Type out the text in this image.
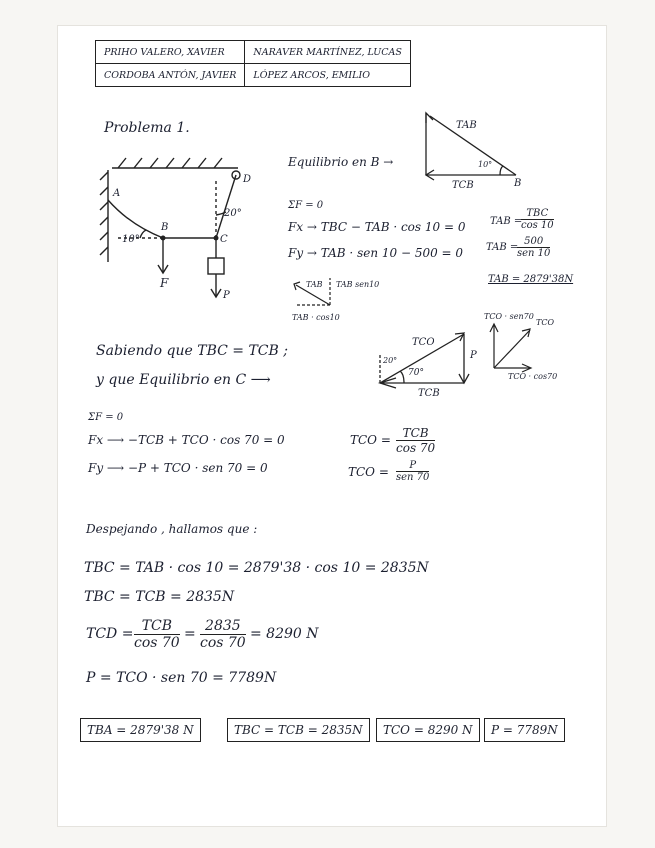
PRIHO VALERO, XAVIER	NARAVER MARTÍNEZ, LUCAS
CORDOBA ANTÓN, JAVIER	LÓPEZ ARCOS, EMILIO
Problema 1.
A
B
C
D
F
P
10°
20°
Equilibrio en B →
ΣF = 0
Fx → TBC − TAB · cos 10 = 0
Fy → TAB · sen 10 − 500 = 0
TAB =
TBC
cos 10
TAB =
500
sen 10
TAB = 2879'38N
TAB
TCB	B
10°
TAB TAB sen10
TAB · cos10
Sabiendo que TBC = TCB ;
y que Equilibrio en C ⟶
ΣF = 0
Fx ⟶ −TCB + TCO · cos 70 = 0
Fy ⟶ −P + TCO · sen 70 = 0
TCO = TCB
cos 70
TCO =	P
sen 70
TCO
P
TCB
70°
20°
TCO · sen70
TCO
TCO · cos70
Despejando , hallamos que :
TBC = TAB · cos 10 = 2879'38 · cos 10 = 2835N
TBC = TCB = 2835N
TCD = TCB
cos 70
= $\frac{2835}{\cos 70} = 8290$ N
P = TCO · sen 70 = 7789N
TBA = 2879'38 N	TBC = TCB = 2835N	TCO = 8290 N	P = 7789N
